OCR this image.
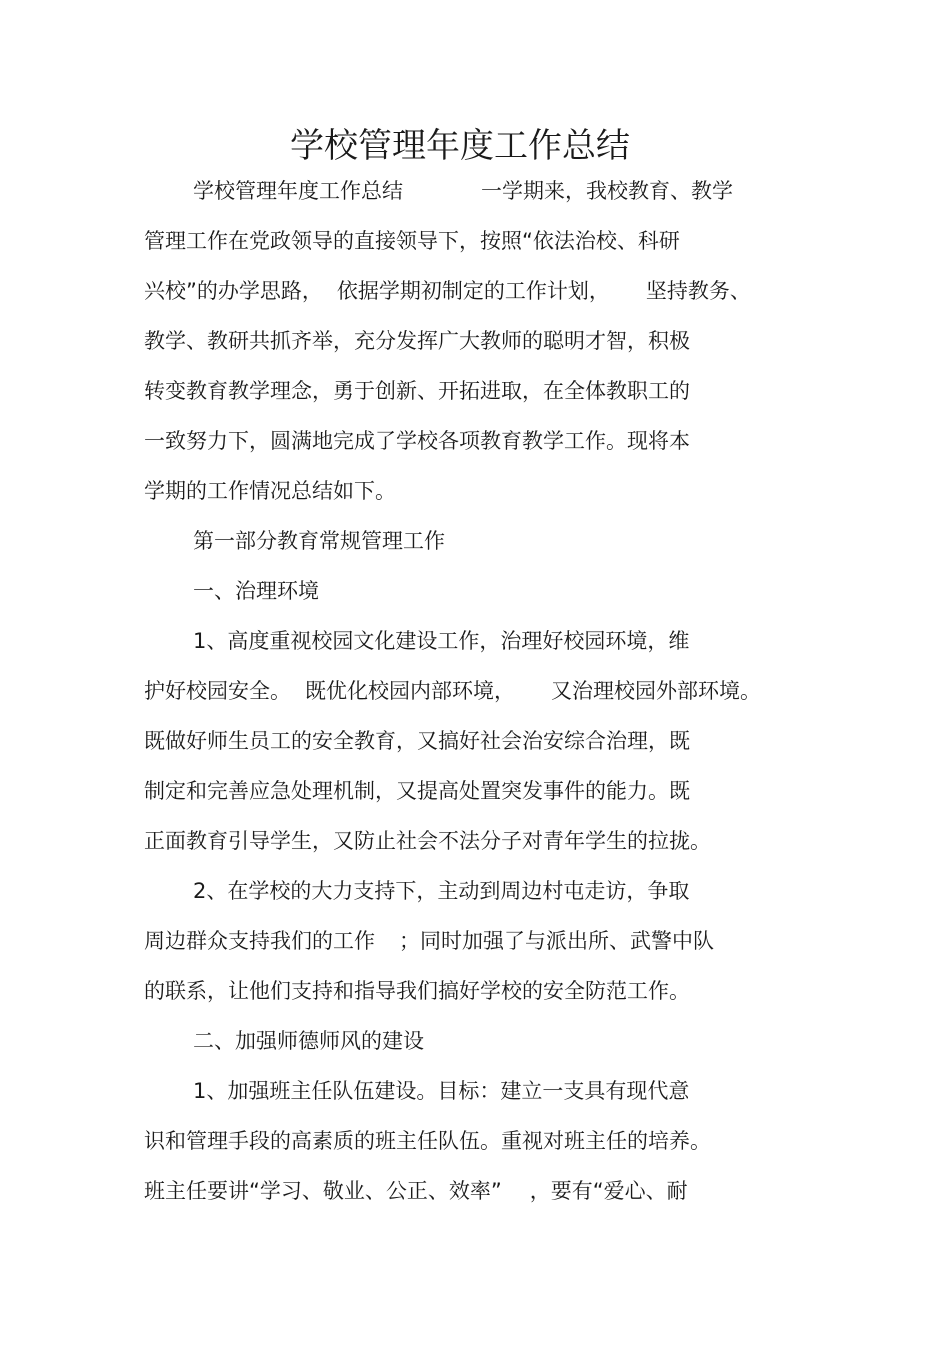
学校管理年度工作总结
学校管理年度工作总结	一学期来，我校教育、教学
管理工作在党政领导的直接领导下，按照“依法治校、科研
兴校”的办学思路， 依据学期初制定的工作计划， 坚持教务、
教学、教研共抓齐举，充分发挥广大教师的聪明才智，积极
转变教育教学理念，勇于创新、开拓进取，在全体教职工的
一致努力下，圆满地完成了学校各项教育教学工作。现将本
学期的工作情况总结如下。
第一部分教育常规管理工作
一、治理环境
1、高度重视校园文化建设工作，治理好校园环境，维
护好校园安全。 既优化校园内部环境， 又治理校园外部环境。
既做好师生员工的安全教育，又搞好社会治安综合治理，既
制定和完善应急处理机制，又提高处置突发事件的能力。既
正面教育引导学生，又防止社会不法分子对青年学生的拉拢。
2、在学校的大力支持下，主动到周边村屯走访，争取
周边群众支持我们的工作 ；同时加强了与派出所、武警中队
的联系，让他们支持和指导我们搞好学校的安全防范工作。
二、加强师德师风的建设
1、加强班主任队伍建设。目标：建立一支具有现代意
识和管理手段的高素质的班主任队伍。重视对班主任的培养。
班主任要讲“学习、敬业、公正、效率” ，要有“爱心、耐
